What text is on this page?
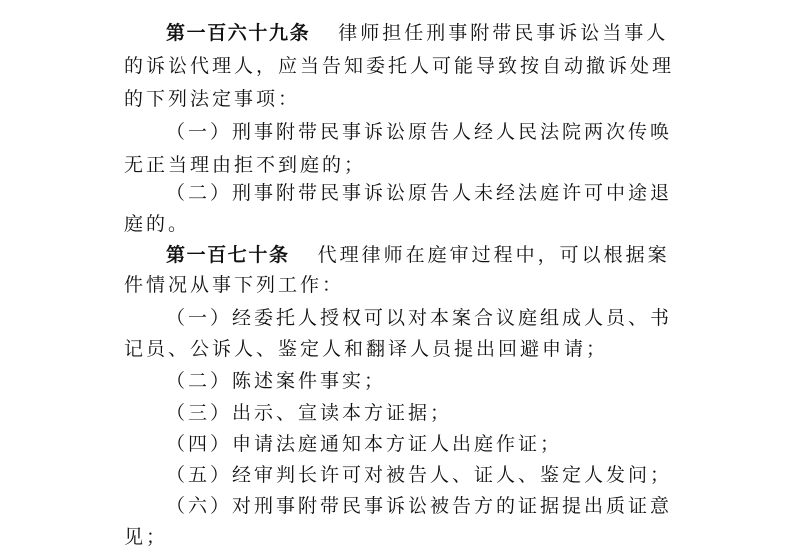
第一百六十九条 律师担任刑事附带民事诉讼当事人
的诉讼代理人，应当告知委托人可能导致按自动撤诉处理
的下列法定事项：
（一）刑事附带民事诉讼原告人经人民法院两次传唤
无正当理由拒不到庭的；
（二）刑事附带民事诉讼原告人未经法庭许可中途退
庭的。
第一百七十条 代理律师在庭审过程中，可以根据案
件情况从事下列工作：
（一）经委托人授权可以对本案合议庭组成人员、书
记员、公诉人、鉴定人和翻译人员提出回避申请；
（二）陈述案件事实；
（三）出示、宣读本方证据；
（四）申请法庭通知本方证人出庭作证；
（五）经审判长许可对被告人、证人、鉴定人发问；
（六）对刑事附带民事诉讼被告方的证据提出质证意
见；
